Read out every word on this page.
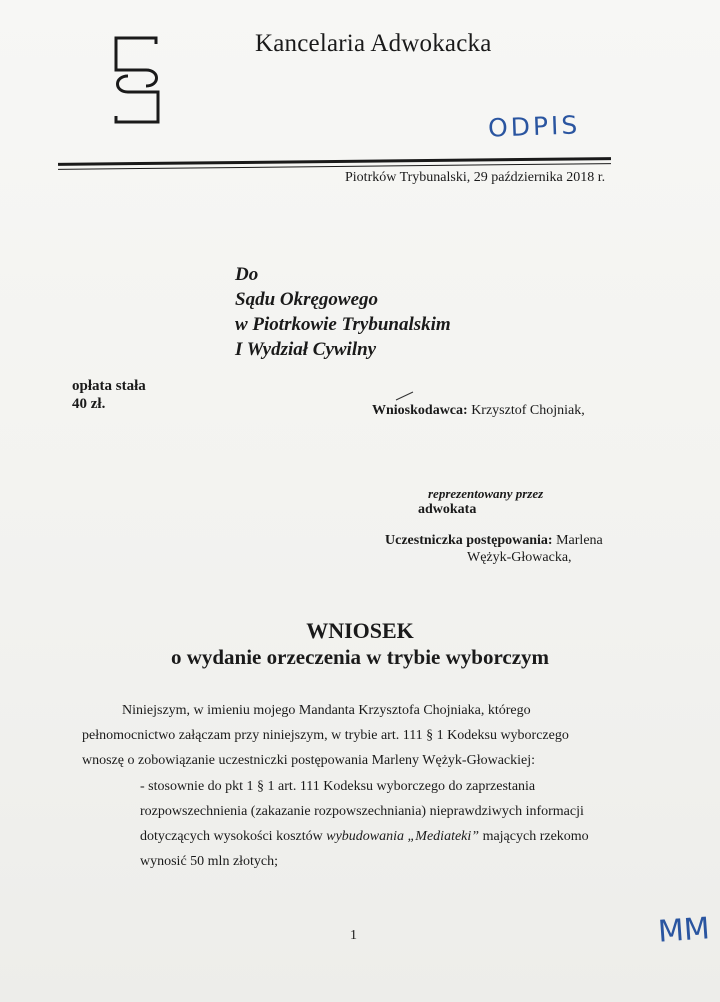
Kancelaria Adwokacka
ODPIS
Piotrków Trybunalski, 29 października 2018 r.
Do
Sądu Okręgowego
w Piotrkowie Trybunalskim
I Wydział Cywilny
opłata stała
40 zł.	Wnioskodawca: Krzysztof Chojniak,
reprezentowany przez
adwokata
Uczestniczka postępowania: Marlena
Wężyk-Głowacka,
WNIOSEK
o wydanie orzeczenia w trybie wyborczym
Niniejszym, w imieniu mojego Mandanta Krzysztofa Chojniaka, którego
pełnomocnictwo załączam przy niniejszym, w trybie art. 111 § 1 Kodeksu wyborczego
wnoszę o zobowiązanie uczestniczki postępowania Marleny Wężyk-Głowackiej:
- stosownie do pkt 1 § 1 art. 111 Kodeksu wyborczego do zaprzestania
rozpowszechnienia (zakazanie rozpowszechniania) nieprawdziwych informacji
dotyczących wysokości kosztów wybudowania „Mediateki” mających rzekomo
wynosić 50 mln złotych;
1	MM
